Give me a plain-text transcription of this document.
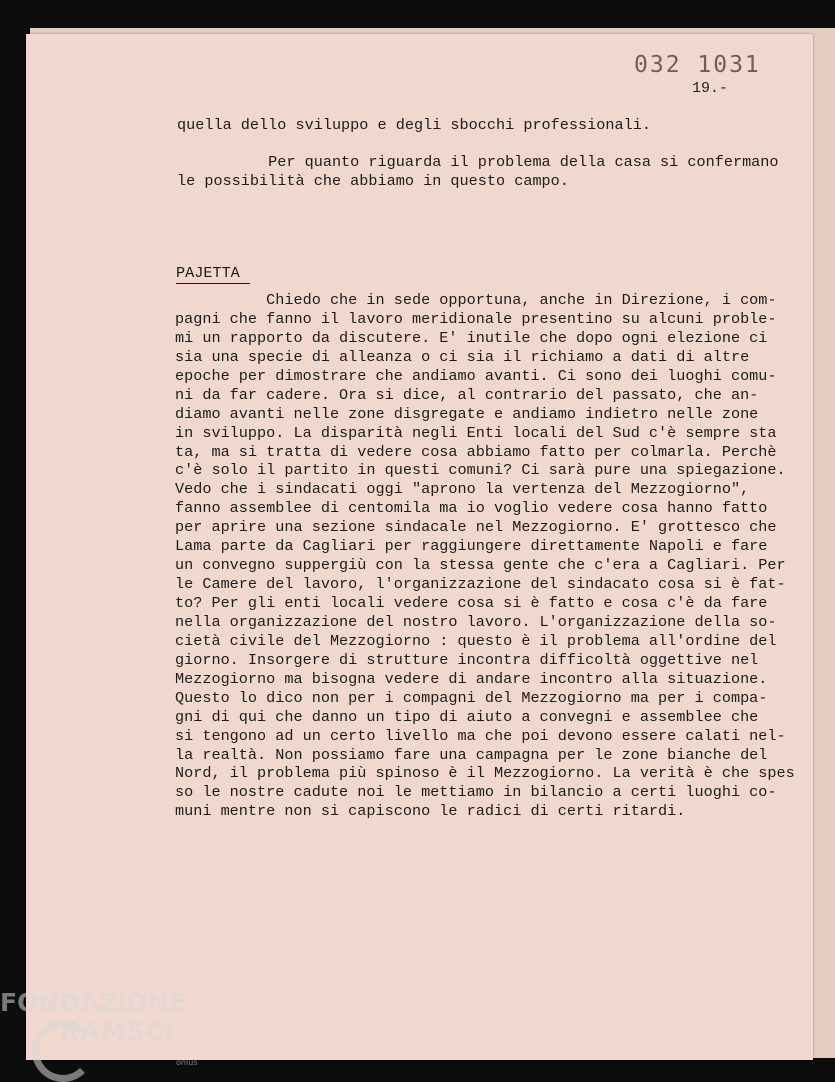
032 1031
19.-
quella dello sviluppo e degli sbocchi professionali.
Per quanto riguarda il problema della casa si confermano
le possibilità che abbiamo in questo campo.
PAJETTA
Chiedo che in sede opportuna, anche in Direzione, i com-
pagni che fanno il lavoro meridionale presentino su alcuni proble-
mi un rapporto da discutere. E' inutile che dopo ogni elezione ci
sia una specie di alleanza o ci sia il richiamo a dati di altre
epoche per dimostrare che andiamo avanti. Ci sono dei luoghi comu-
ni da far cadere. Ora si dice, al contrario del passato, che an-
diamo avanti nelle zone disgregate e andiamo indietro nelle zone
in sviluppo. La disparità negli Enti locali del Sud c'è sempre sta
ta, ma si tratta di vedere cosa abbiamo fatto per colmarla. Perchè
c'è solo il partito in questi comuni? Ci sarà pure una spiegazione.
Vedo che i sindacati oggi "aprono la vertenza del Mezzogiorno",
fanno assemblee di centomila ma io voglio vedere cosa hanno fatto
per aprire una sezione sindacale nel Mezzogiorno. E' grottesco che
Lama parte da Cagliari per raggiungere direttamente Napoli e fare
un convegno suppergiù con la stessa gente che c'era a Cagliari. Per
le Camere del lavoro, l'organizzazione del sindacato cosa si è fat-
to? Per gli enti locali vedere cosa si è fatto e cosa c'è da fare
nella organizzazione del nostro lavoro. L'organizzazione della so-
cietà civile del Mezzogiorno : questo è il problema all'ordine del
giorno. Insorgere di strutture incontra difficoltà oggettive nel
Mezzogiorno ma bisogna vedere di andare incontro alla situazione.
Questo lo dico non per i compagni del Mezzogiorno ma per i compa-
gni di qui che danno un tipo di aiuto a convegni e assemblee che
si tengono ad un certo livello ma che poi devono essere calati nel-
la realtà. Non possiamo fare una campagna per le zone bianche del
Nord, il problema più spinoso è il Mezzogiorno. La verità è che spes
so le nostre cadute noi le mettiamo in bilancio a certi luoghi co-
muni mentre non si capiscono le radici di certi ritardi.
FONDAZIONE
RAMSCI
onlus
